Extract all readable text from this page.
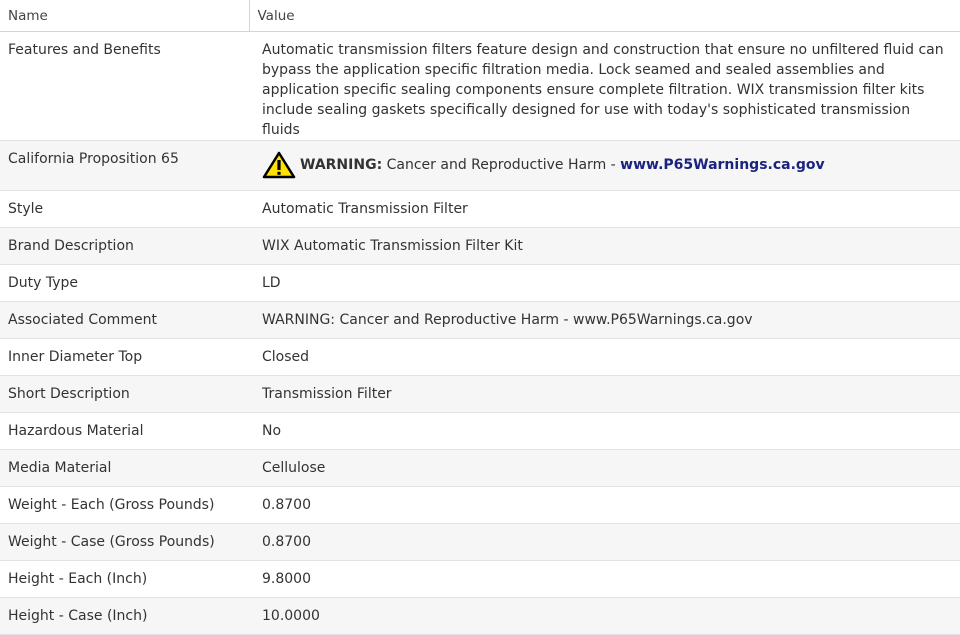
Name	Value
Features and Benefits	Automatic transmission filters feature design and construction that ensure no unfiltered fluid can bypass the application specific filtration media. Lock seamed and sealed assemblies and application specific sealing components ensure complete filtration. WIX transmission filter kits include sealing gaskets specifically designed for use with today's sophisticated transmission fluids
California Proposition 65	WARNING: Cancer and Reproductive Harm - www.P65Warnings.ca.gov

Style	Automatic Transmission Filter
Brand Description	WIX Automatic Transmission Filter Kit
Duty Type	LD
Associated Comment	WARNING: Cancer and Reproductive Harm - www.P65Warnings.ca.gov
Inner Diameter Top	Closed
Short Description	Transmission Filter
Hazardous Material	No
Media Material	Cellulose
Weight - Each (Gross Pounds)	0.8700
Weight - Case (Gross Pounds)	0.8700
Height - Each (Inch)	9.8000
Height - Case (Inch)	10.0000
